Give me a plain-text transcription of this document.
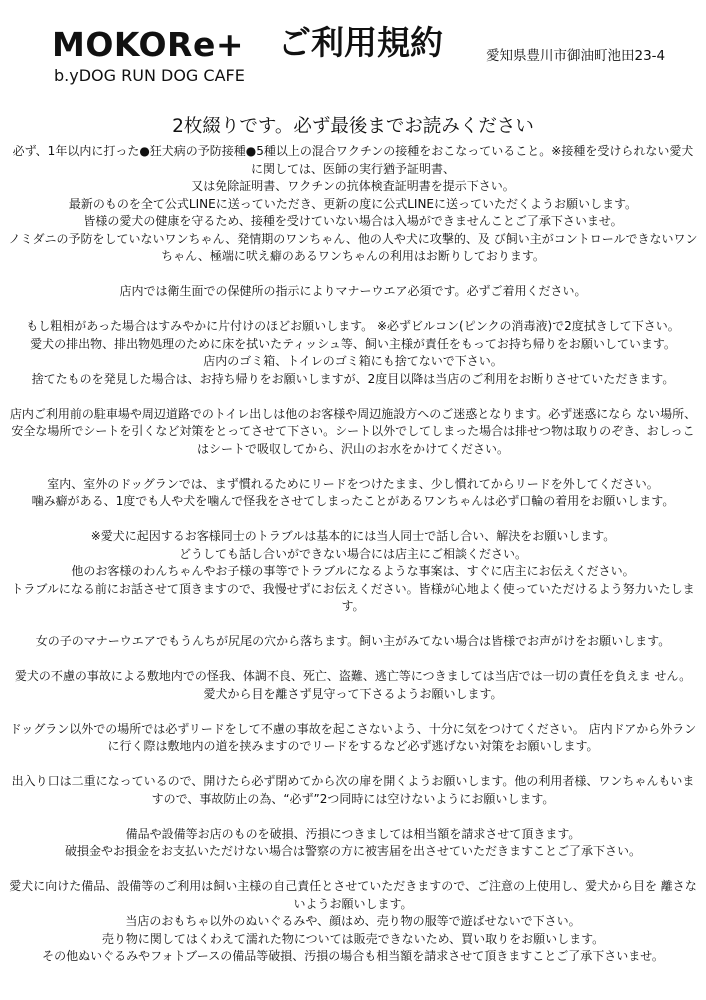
MOKORe+ ご利用規約
b.yDOG RUN DOG CAFE
愛知県豊川市御油町池田23-4
2枚綴りです。必ず最後までお読みください

必ず、1年以内に打った●狂犬病の予防接種●5種以上の混合ワクチンの接種をおこなっていること。※接種を受けられない愛犬に関しては、医師の実行猶予証明書、
又は免除証明書、ワクチンの抗体検査証明書を提示下さい。
最新のものを全て公式LINEに送っていただき、更新の度に公式LINEに送っていただくようお願いします。
皆様の愛犬の健康を守るため、接種を受けていない場合は入場ができませんことご了承下さいませ。
ノミダニの予防をしていないワンちゃん、発情期のワンちゃん、他の人や犬に攻撃的、及 び飼い主がコントロールできないワンちゃん、極端に吠え癖のあるワンちゃんの利用はお断りしております。

店内では衛生面での保健所の指示によりマナーウエア必須です。必ずご着用ください。

もし粗相があった場合はすみやかに片付けのほどお願いします。 ※必ずビルコン(ピンクの消毒液)で2度拭きして下さい。
愛犬の排出物、排出物処理のために床を拭いたティッシュ等、飼い主様が責任をもってお持ち帰りをお願いしています。
店内のゴミ箱、トイレのゴミ箱にも捨てないで下さい。
捨てたものを発見した場合は、お持ち帰りをお願いしますが、2度目以降は当店のご利用をお断りさせていただきます。

店内ご利用前の駐車場や周辺道路でのトイレ出しは他のお客様や周辺施設方へのご迷惑となります。必ず迷惑になら ない場所、安全な場所でシートを引くなど対策をとってさせて下さい。シート以外でしてしまった場合は排せつ物は取りのぞき、おしっこはシートで吸収してから、沢山のお水をかけてください。

室内、室外のドッグランでは、まず慣れるためにリードをつけたまま、少し慣れてからリードを外してください。
噛み癖がある、1度でも人や犬を噛んで怪我をさせてしまったことがあるワンちゃんは必ず口輪の着用をお願いします。

※愛犬に起因するお客様同士のトラブルは基本的には当人同士で話し合い、解決をお願いします。
どうしても話し合いができない場合には店主にご相談ください。
他のお客様のわんちゃんやお子様の事等でトラブルになるような事案は、すぐに店主にお伝えください。
トラブルになる前にお話させて頂きますので、我慢せずにお伝えください。皆様が心地よく使っていただけるよう努力いたします。

女の子のマナーウエアでもうんちが尻尾の穴から落ちます。飼い主がみてない場合は皆様でお声がけをお願いします。

愛犬の不慮の事故による敷地内での怪我、体調不良、死亡、盗難、逃亡等につきましては当店では一切の責任を負えま せん。
愛犬から目を離さず見守って下さるようお願いします。

ドッグラン以外での場所では必ずリードをして不慮の事故を起こさないよう、十分に気をつけてください。 店内ドアから外ランに行く際は敷地内の道を挟みますのでリードをするなど必ず逃げない対策をお願いします。

出入り口は二重になっているので、開けたら必ず閉めてから次の扉を開くようお願いします。他の利用者様、ワンちゃんもいますので、事故防止の為、“必ず”2つ同時には空けないようにお願いします。

備品や設備等お店のものを破損、汚損につきましては相当額を請求させて頂きます。
破損金やお損金をお支払いただけない場合は警察の方に被害届を出させていただきますことご了承下さい。

愛犬に向けた備品、設備等のご利用は飼い主様の自己責任とさせていただきますので、ご注意の上使用し、愛犬から目を 離さないようお願いします。
当店のおもちゃ以外のぬいぐるみや、顔はめ、売り物の服等で遊ばせないで下さい。
売り物に関してはくわえて濡れた物については販売できないため、買い取りをお願いします。
その他ぬいぐるみやフォトブースの備品等破損、汚損の場合も相当額を請求させて頂きますことご了承下さいませ。
